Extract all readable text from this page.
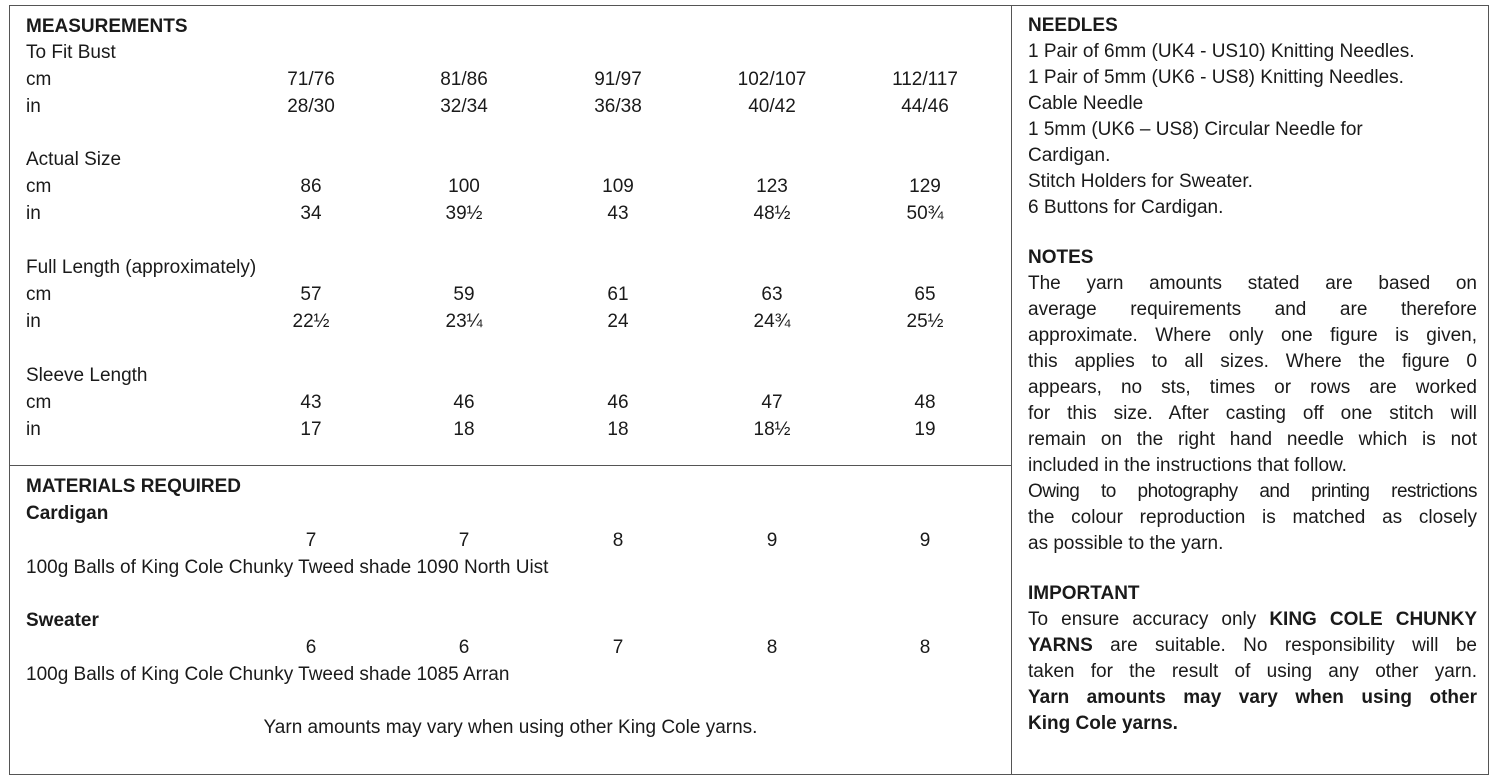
MEASUREMENTS
To Fit Bust
cm	71/76	81/86	91/97	102/107	112/117
in	28/30	32/34	36/38	40/42	44/46
Actual Size
cm	86	100	109	123	129
in	34	39½	43	48½	50¾
Full Length (approximately)
cm	57	59	61	63	65
in	22½	23¼	24	24¾	25½
Sleeve Length
cm	43	46	46	47	48
in	17	18	18	18½	19
MATERIALS REQUIRED
Cardigan
7	7	8	9	9
100g Balls of King Cole Chunky Tweed shade 1090 North Uist
Sweater
6	6	7	8	8
100g Balls of King Cole Chunky Tweed shade 1085 Arran
Yarn amounts may vary when using other King Cole yarns.
NEEDLES
1 Pair of 6mm (UK4 - US10) Knitting Needles.
1 Pair of 5mm (UK6 - US8) Knitting Needles.
Cable Needle
1 5mm (UK6 – US8) Circular Needle for
Cardigan.
Stitch Holders for Sweater.
6 Buttons for Cardigan.
NOTES
The yarn amounts stated are based on
average requirements and are therefore
approximate. Where only one figure is given,
this applies to all sizes. Where the figure 0
appears, no sts, times or rows are worked
for this size. After casting off one stitch will
remain on the right hand needle which is not
included in the instructions that follow.
Owing to photography and printing restrictions
the colour reproduction is matched as closely
as possible to the yarn.
IMPORTANT
To ensure accuracy only KING COLE CHUNKY
YARNS are suitable. No responsibility will be
taken for the result of using any other yarn.
Yarn amounts may vary when using other
King Cole yarns.
